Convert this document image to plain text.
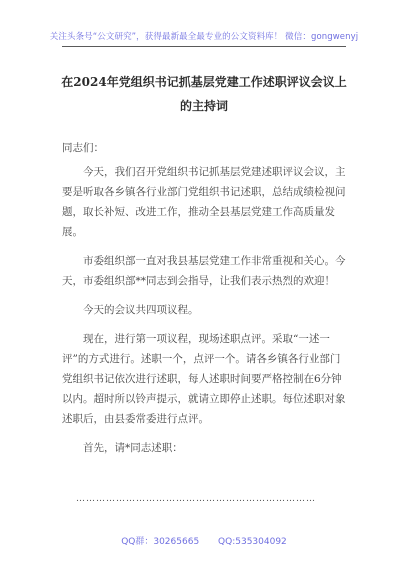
关注头条号“公文研究”，获得最新最全最专业的公文资料库！ 微信：gongwenyj
在2024年党组织书记抓基层党建工作述职评议会议上的主持词

同志们：

今天，我们召开党组织书记抓基层党建述职评议会议，主要是听取各乡镇各行业部门党组织书记述职，总结成绩检视问题，取长补短、改进工作，推动全县基层党建工作高质量发展。

市委组织部一直对我县基层党建工作非常重视和关心。今天，市委组织部**同志到会指导，让我们表示热烈的欢迎！

今天的会议共四项议程。

现在，进行第一项议程，现场述职点评。采取“一述一评”的方式进行。述职一个，点评一个。请各乡镇各行业部门党组织书记依次进行述职，每人述职时间要严格控制在6分钟以内。超时所以铃声提示，就请立即停止述职。每位述职对象述职后，由县委常委进行点评。

首先，请*同志述职：

………………………………………………………………
QQ群：30265665 QQ:535304092
